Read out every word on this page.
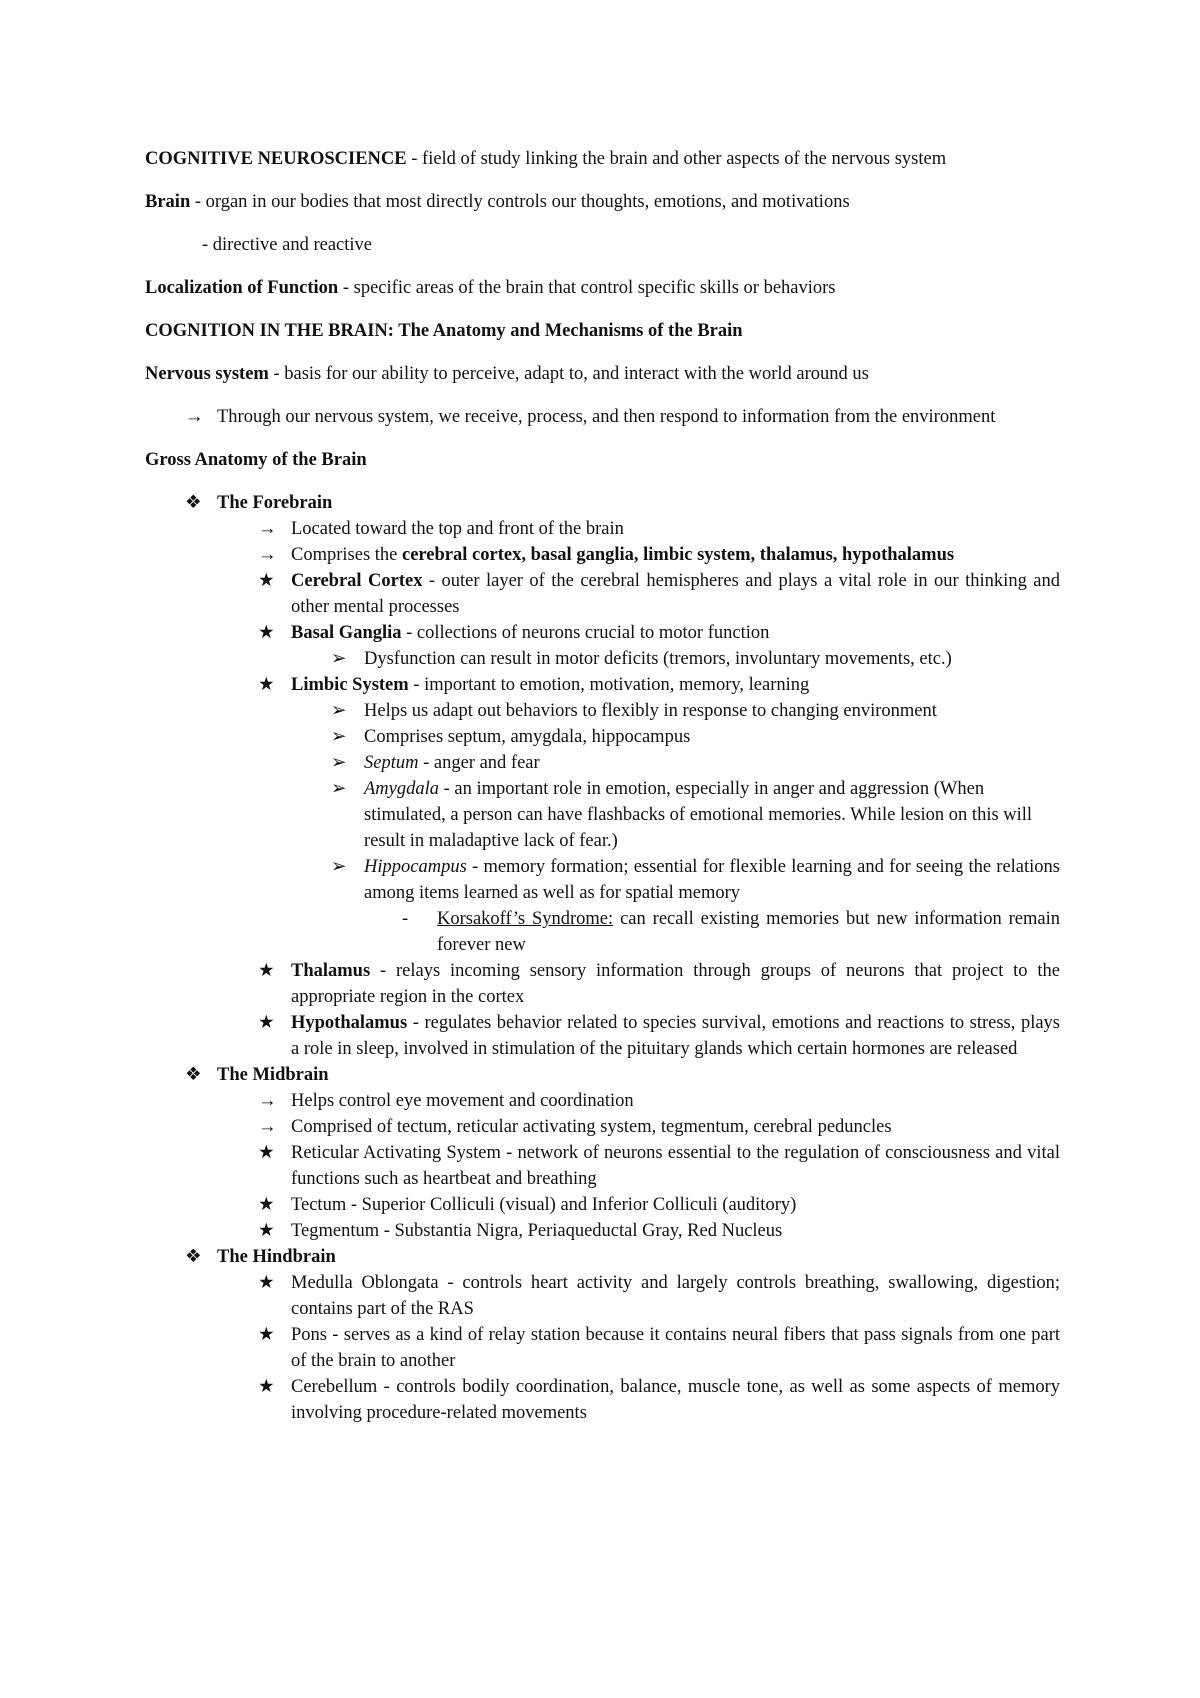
COGNITIVE NEUROSCIENCE - field of study linking the brain and other aspects of the nervous system

Brain - organ in our bodies that most directly controls our thoughts, emotions, and motivations

- directive and reactive

Localization of Function - specific areas of the brain that control specific skills or behaviors

COGNITION IN THE BRAIN: The Anatomy and Mechanisms of the Brain

Nervous system - basis for our ability to perceive, adapt to, and interact with the world around us

→ Through our nervous system, we receive, process, and then respond to information from the environment

Gross Anatomy of the Brain

❖ The Forebrain
→ Located toward the top and front of the brain
→ Comprises the cerebral cortex, basal ganglia, limbic system, thalamus, hypothalamus
★ Cerebral Cortex - outer layer of the cerebral hemispheres and plays a vital role in our thinking and other mental processes
★ Basal Ganglia - collections of neurons crucial to motor function
➢ Dysfunction can result in motor deficits (tremors, involuntary movements, etc.)
★ Limbic System - important to emotion, motivation, memory, learning
➢ Helps us adapt out behaviors to flexibly in response to changing environment
➢ Comprises septum, amygdala, hippocampus
➢ Septum - anger and fear
➢ Amygdala - an important role in emotion, especially in anger and aggression (When stimulated, a person can have flashbacks of emotional memories. While lesion on this will result in maladaptive lack of fear.)
➢ Hippocampus - memory formation; essential for flexible learning and for seeing the relations among items learned as well as for spatial memory
-	Korsakoff’s Syndrome: can recall existing memories but new information remain forever new
★ Thalamus - relays incoming sensory information through groups of neurons that project to the appropriate region in the cortex
★ Hypothalamus - regulates behavior related to species survival, emotions and reactions to stress, plays a role in sleep, involved in stimulation of the pituitary glands which certain hormones are released
❖ The Midbrain
→ Helps control eye movement and coordination
→ Comprised of tectum, reticular activating system, tegmentum, cerebral peduncles
★ Reticular Activating System - network of neurons essential to the regulation of consciousness and vital functions such as heartbeat and breathing
★ Tectum - Superior Colliculi (visual) and Inferior Colliculi (auditory)
★ Tegmentum - Substantia Nigra, Periaqueductal Gray, Red Nucleus
❖ The Hindbrain
★ Medulla Oblongata - controls heart activity and largely controls breathing, swallowing, digestion; contains part of the RAS
★ Pons - serves as a kind of relay station because it contains neural fibers that pass signals from one part of the brain to another
★ Cerebellum - controls bodily coordination, balance, muscle tone, as well as some aspects of memory involving procedure-related movements
